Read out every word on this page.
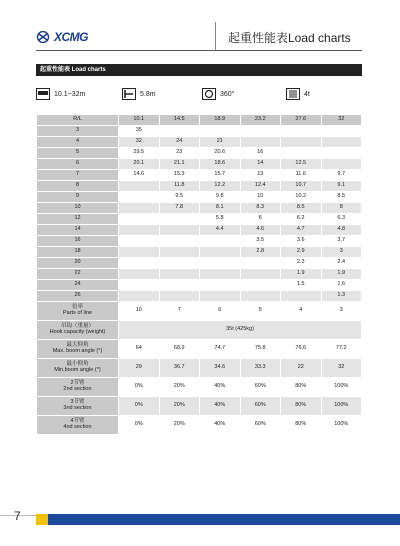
XCMG	起重性能表Load charts
起重性能表 Load charts
10.1~32m	5.8m	360°	4t
R/L	10.1	14.5	18.9	23.2	27.6	32
3	35					
4	32	24	21			
5	29.5	23	20.6	16		
6	20.1	21.1	18.6	14	12.5	
7	14.6	15.3	15.7	13	11.6	9.7
8		11.8	12.2	12.4	10.7	9.1
9		9.5	9.8	10	10.2	8.5
10		7.8	8.1	8.3	8.5	8
12			5.8	6	6.2	6.3
14			4.4	4.6	4.7	4.8
16				3.5	3.6	3.7
18				2.8	2.9	3
20					2.3	2.4
22					1.9	1.9
24					1.5	1.6
26						1.3
倍率
Parts of line	10	7	6	5	4	3
吊钩（重量）
Hook capacity (weight)	35t (425kg)					
最大仰角
Max. boom angle (°)	64	68.9	74.7	75.8	76.6	77.2
最小仰角
Min.boom angle (°)	29	36.7	34.6	33.3	22	32
2节臂
2nd section	0%	20%	40%	60%	80%	100%
3节臂
3nd section	0%	20%	40%	60%	80%	100%
4节臂
4nd section	0%	20%	40%	60%	80%	100%
7
